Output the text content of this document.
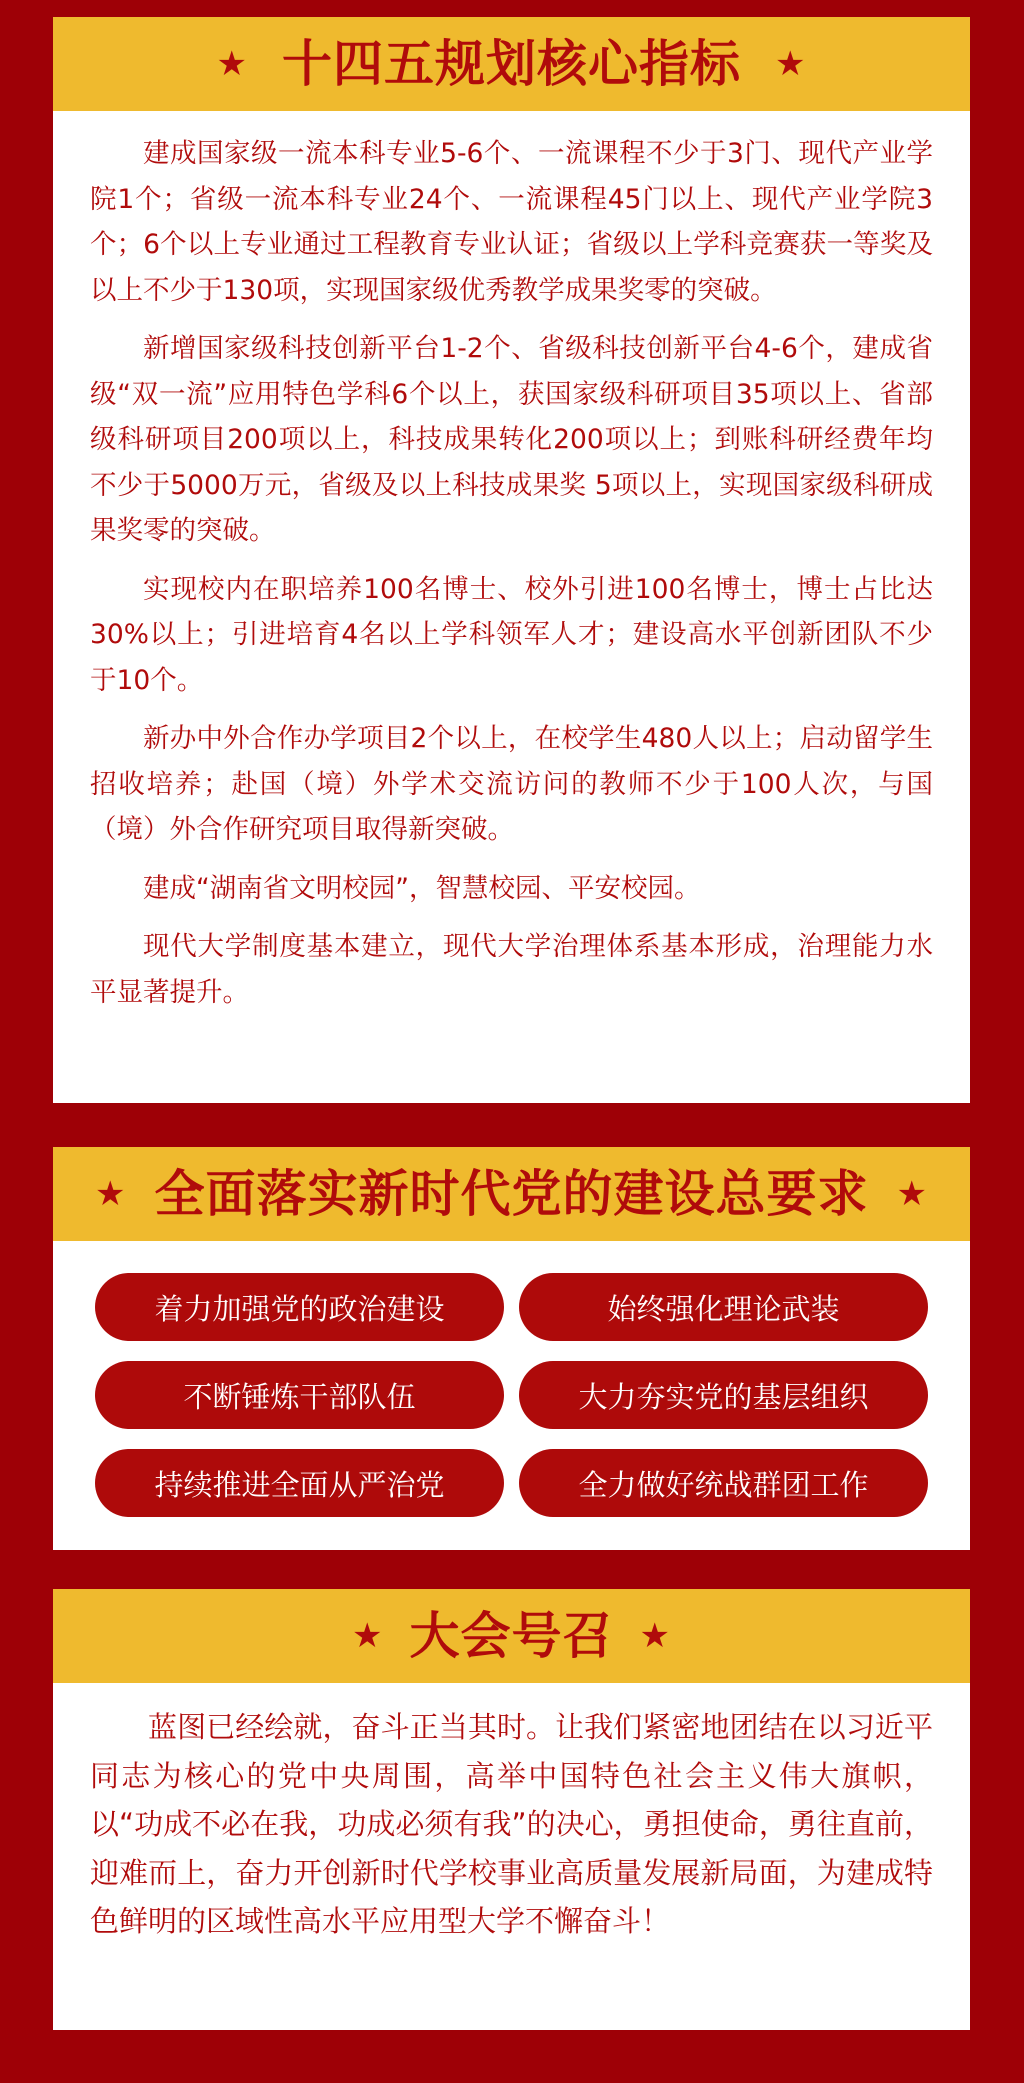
★ 十四五规划核心指标 ★

建成国家级一流本科专业5-6个、一流课程不少于3门、现代产业学院1个；省级一流本科专业24个、一流课程45门以上、现代产业学院3个；6个以上专业通过工程教育专业认证；省级以上学科竞赛获一等奖及以上不少于130项，实现国家级优秀教学成果奖零的突破。

新增国家级科技创新平台1-2个、省级科技创新平台4-6个，建成省级“双一流”应用特色学科6个以上，获国家级科研项目35项以上、省部级科研项目200项以上，科技成果转化200项以上；到账科研经费年均不少于5000万元，省级及以上科技成果奖 5项以上，实现国家级科研成果奖零的突破。

实现校内在职培养100名博士、校外引进100名博士，博士占比达30%以上；引进培育4名以上学科领军人才；建设高水平创新团队不少于10个。

新办中外合作办学项目2个以上，在校学生480人以上；启动留学生招收培养；赴国（境）外学术交流访问的教师不少于100人次，与国（境）外合作研究项目取得新突破。

建成“湖南省文明校园”，智慧校园、平安校园。

现代大学制度基本建立，现代大学治理体系基本形成，治理能力水平显著提升。

★ 全面落实新时代党的建设总要求 ★
着力加强党的政治建设	始终强化理论武装
不断锤炼干部队伍	大力夯实党的基层组织
持续推进全面从严治党	全力做好统战群团工作
★ 大会号召 ★

蓝图已经绘就，奋斗正当其时。让我们紧密地团结在以习近平同志为核心的党中央周围，高举中国特色社会主义伟大旗帜，以“功成不必在我，功成必须有我”的决心，勇担使命，勇往直前，迎难而上，奋力开创新时代学校事业高质量发展新局面，为建成特色鲜明的区域性高水平应用型大学不懈奋斗！
